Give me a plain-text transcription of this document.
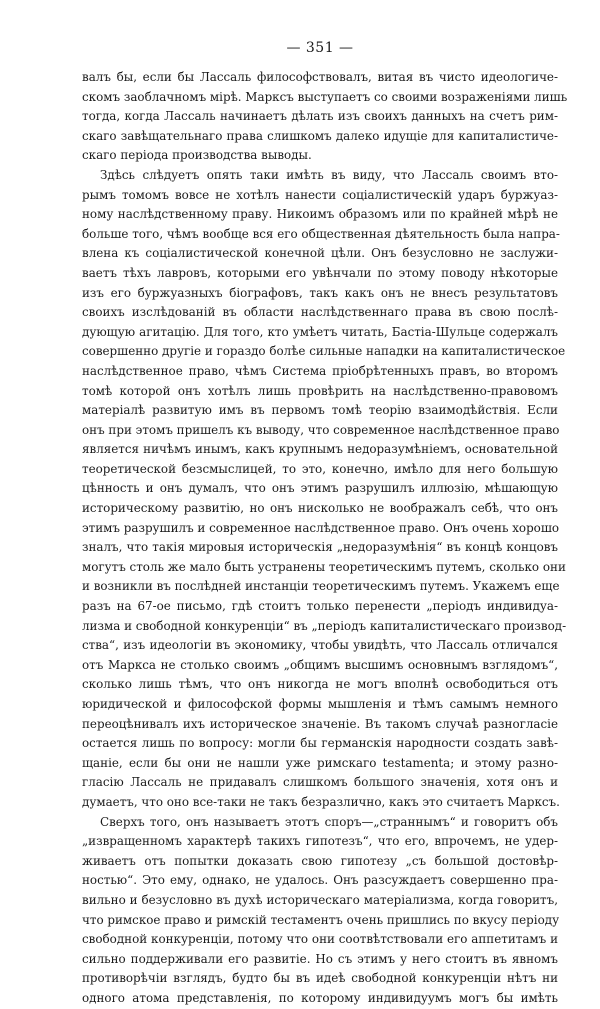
— 351 —

валъ бы, если бы Лассаль философствовалъ, витая въ чисто идеологиче-
скомъ заоблачномъ мірѣ. Марксъ выступаетъ со своими возраженіями лишь
тогда, когда Лассаль начинаетъ дѣлать изъ своихъ данныхъ на счетъ рим-
скаго завѣщательнаго права слишкомъ далеко идущіе для капиталистиче-
скаго періода производства выводы.

Здѣсь слѣдуетъ опять таки имѣть въ виду, что Лассаль своимъ вто-
рымъ томомъ вовсе не хотѣлъ нанести соціалистическій ударъ буржуаз-
ному наслѣдственному праву. Никоимъ образомъ или по крайней мѣрѣ не
больше того, чѣмъ вообще вся его общественная дѣятельность была напра-
влена къ соціалистической конечной цѣли. Онъ безусловно не заслужи-
ваетъ тѣхъ лавровъ, которыми его увѣнчали по этому поводу нѣкоторые
изъ его буржуазныхъ біографовъ, такъ какъ онъ не внесъ результатовъ
своихъ изслѣдованій въ области наслѣдственнаго права въ свою послѣ-
дующую агитацію. Для того, кто умѣетъ читать, Бастіа-Шульце содержалъ
совершенно другіе и гораздо болѣе сильные нападки на капиталистическое
наслѣдственное право, чѣмъ Система пріобрѣтенныхъ правъ, во второмъ
томѣ которой онъ хотѣлъ лишь провѣрить на наслѣдственно-правовомъ
матеріалѣ развитую имъ въ первомъ томѣ теорію взаимодѣйствія. Если
онъ при этомъ пришелъ къ выводу, что современное наслѣдственное право
является ничѣмъ инымъ, какъ крупнымъ недоразумѣніемъ, основательной
теоретической безсмыслицей, то это, конечно, имѣло для него большую
цѣнность и онъ думалъ, что онъ этимъ разрушилъ иллюзію, мѣшающую
историческому развитію, но онъ нисколько не воображалъ себѣ, что онъ
этимъ разрушилъ и современное наслѣдственное право. Онъ очень хорошо
зналъ, что такія мировыя историческія „недоразумѣнія“ въ концѣ концовъ
могутъ столь же мало быть устранены теоретическимъ путемъ, сколько они
и возникли въ послѣдней инстанціи теоретическимъ путемъ. Укажемъ еще
разъ на 67-ое письмо, гдѣ стоитъ только перенести „періодъ индивидуа-
лизма и свободной конкуренціи“ въ „періодъ капиталистическаго производ-
ства“, изъ идеологіи въ экономику, чтобы увидѣть, что Лассаль отличался
отъ Маркса не столько своимъ „общимъ высшимъ основнымъ взглядомъ“,
сколько лишь тѣмъ, что онъ никогда не могъ вполнѣ освободиться отъ
юридической и философской формы мышленія и тѣмъ самымъ немного
переоцѣнивалъ ихъ историческое значеніе. Въ такомъ случаѣ разногласіе
остается лишь по вопросу: могли бы германскія народности создать завѣ-
щаніе, если бы они не нашли уже римскаго testamenta; и этому разно-
гласію Лассаль не придавалъ слишкомъ большого значенія, хотя онъ и
думаетъ, что оно все-таки не такъ безразлично, какъ это считаетъ Марксъ.

Сверхъ того, онъ называетъ этотъ споръ—„страннымъ“ и говоритъ объ
„извращенномъ характерѣ такихъ гипотезъ“, что его, впрочемъ, не удер-
живаетъ отъ попытки доказать свою гипотезу „съ большой достовѣр-
ностью“. Это ему, однако, не удалось. Онъ разсуждаетъ совершенно пра-
вильно и безусловно въ духѣ историческаго матеріализма, когда говоритъ,
что римское право и римскій тестаментъ очень пришлись по вкусу періоду
свободной конкуренціи, потому что они соотвѣтствовали его аппетитамъ и
сильно поддерживали его развитіе. Но съ этимъ у него стоитъ въ явномъ
противорѣчіи взглядъ, будто бы въ идеѣ свободной конкуренціи нѣтъ ни
одного атома представленія, по которому индивидуумъ могъ бы имѣть
